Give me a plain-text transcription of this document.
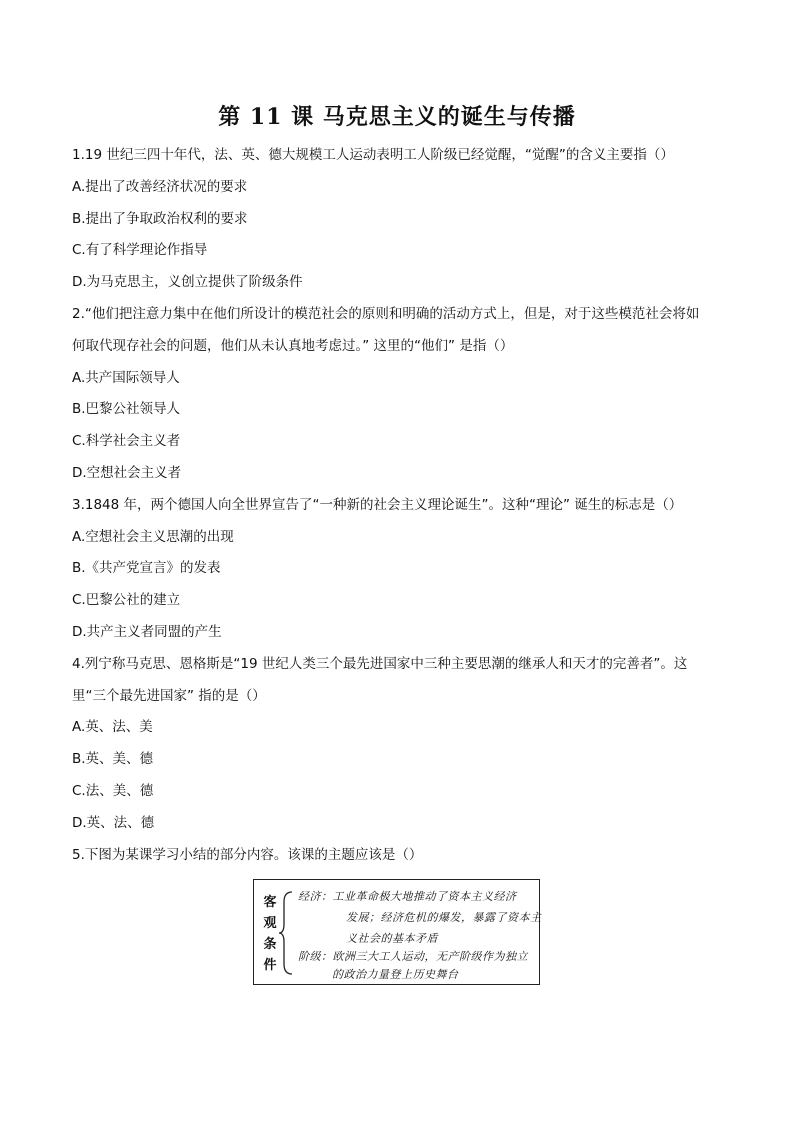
第 11 课 马克思主义的诞生与传播
1.19 世纪三四十年代，法、英、德大规模工人运动表明工人阶级已经觉醒，“觉醒”的含义主要指（）
A.提出了改善经济状况的要求
B.提出了争取政治权利的要求
C.有了科学理论作指导
D.为马克思主，义创立提供了阶级条件
2.“他们把注意力集中在他们所设计的模范社会的原则和明确的活动方式上，但是，对于这些模范社会将如
何取代现存社会的问题，他们从未认真地考虑过。” 这里的“他们” 是指（）
A.共产国际领导人
B.巴黎公社领导人
C.科学社会主义者
D.空想社会主义者
3.1848 年，两个德国人向全世界宣告了“一种新的社会主义理论诞生”。这种“理论” 诞生的标志是（）
A.空想社会主义思潮的出现
B.《共产党宣言》的发表
C.巴黎公社的建立
D.共产主义者同盟的产生
4.列宁称马克思、恩格斯是“19 世纪人类三个最先进国家中三种主要思潮的继承人和天才的完善者”。这
里“三个最先进国家” 指的是（）
A.英、法、美
B.英、美、德
C.法、美、德
D.英、法、德
5.下图为某课学习小结的部分内容。该课的主题应该是（）
客
观
条
件
经济：工业革命极大地推动了资本主义经济
发展；经济危机的爆发，暴露了资本主
义社会的基本矛盾
阶级：欧洲三大工人运动，无产阶级作为独立
的政治力量登上历史舞台
